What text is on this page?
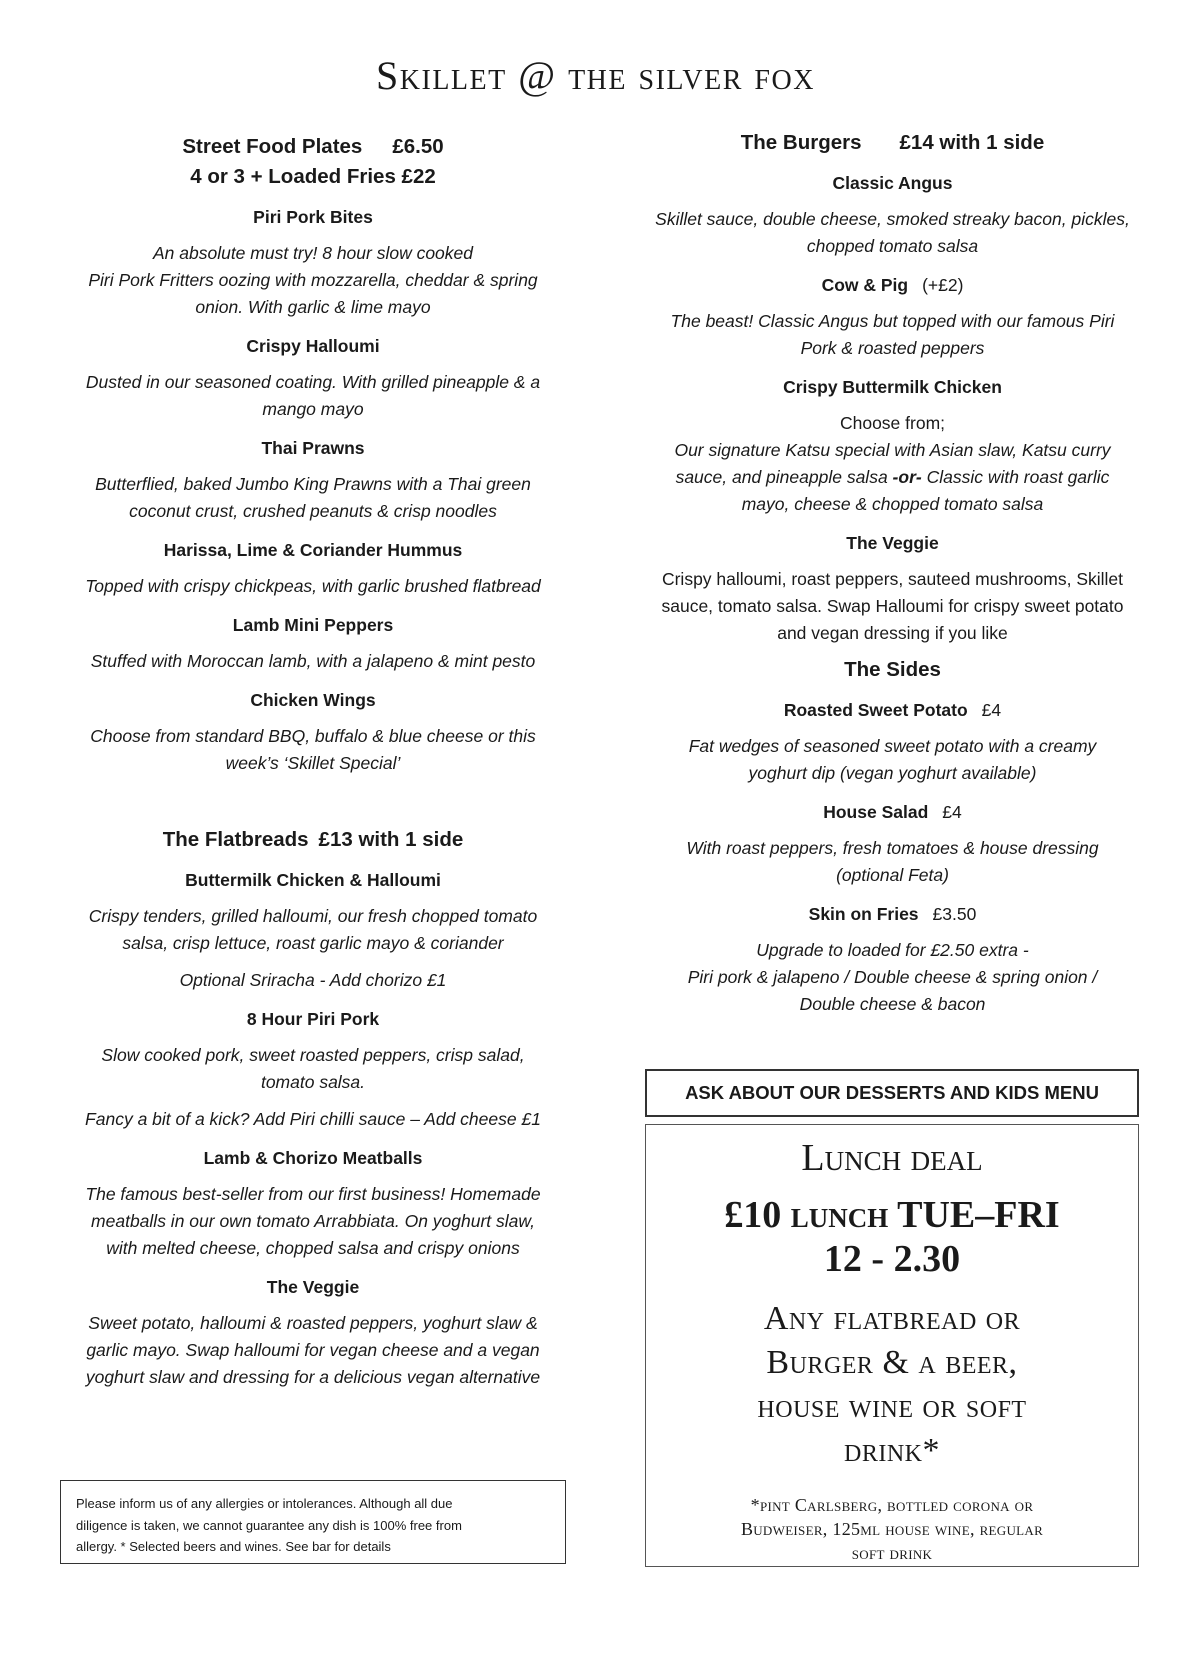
Skillet @ the silver fox
Street Food Plates £6.50
4 or 3 + Loaded Fries £22
Piri Pork Bites
An absolute must try! 8 hour slow cooked
Piri Pork Fritters oozing with mozzarella, cheddar & spring
onion. With garlic & lime mayo
Crispy Halloumi
Dusted in our seasoned coating. With grilled pineapple & a
mango mayo
Thai Prawns
Butterflied, baked Jumbo King Prawns with a Thai green
coconut crust, crushed peanuts & crisp noodles
Harissa, Lime & Coriander Hummus
Topped with crispy chickpeas, with garlic brushed flatbread
Lamb Mini Peppers
Stuffed with Moroccan lamb, with a jalapeno & mint pesto
Chicken Wings
Choose from standard BBQ, buffalo & blue cheese or this
week’s ‘Skillet Special’
The Flatbreads £13 with 1 side
Buttermilk Chicken & Halloumi
Crispy tenders, grilled halloumi, our fresh chopped tomato
salsa, crisp lettuce, roast garlic mayo & coriander
Optional Sriracha - Add chorizo £1
8 Hour Piri Pork
Slow cooked pork, sweet roasted peppers, crisp salad,
tomato salsa.
Fancy a bit of a kick? Add Piri chilli sauce – Add cheese £1
Lamb & Chorizo Meatballs
The famous best-seller from our first business! Homemade
meatballs in our own tomato Arrabbiata. On yoghurt slaw,
with melted cheese, chopped salsa and crispy onions
The Veggie
Sweet potato, halloumi & roasted peppers, yoghurt slaw &
garlic mayo. Swap halloumi for vegan cheese and a vegan
yoghurt slaw and dressing for a delicious vegan alternative
Please inform us of any allergies or intolerances. Although all due
diligence is taken, we cannot guarantee any dish is 100% free from
allergy. * Selected beers and wines. See bar for details
The Burgers £14 with 1 side
Classic Angus
Skillet sauce, double cheese, smoked streaky bacon, pickles,
chopped tomato salsa
Cow & Pig (+£2)
The beast! Classic Angus but topped with our famous Piri
Pork & roasted peppers
Crispy Buttermilk Chicken
Choose from;
Our signature Katsu special with Asian slaw, Katsu curry
sauce, and pineapple salsa -or- Classic with roast garlic
mayo, cheese & chopped tomato salsa
The Veggie
Crispy halloumi, roast peppers, sauteed mushrooms, Skillet
sauce, tomato salsa. Swap Halloumi for crispy sweet potato
and vegan dressing if you like
The Sides
Roasted Sweet Potato £4
Fat wedges of seasoned sweet potato with a creamy
yoghurt dip (vegan yoghurt available)
House Salad £4
With roast peppers, fresh tomatoes & house dressing
(optional Feta)
Skin on Fries £3.50
Upgrade to loaded for £2.50 extra -
Piri pork & jalapeno / Double cheese & spring onion /
Double cheese & bacon
ASK ABOUT OUR DESSERTS AND KIDS MENU
Lunch deal
£10 lunch TUE–FRI
12 - 2.30
Any flatbread or
Burger & a beer,
house wine or soft
drink*
*pint Carlsberg, bottled corona or
Budweiser, 125ml house wine, regular
soft drink
